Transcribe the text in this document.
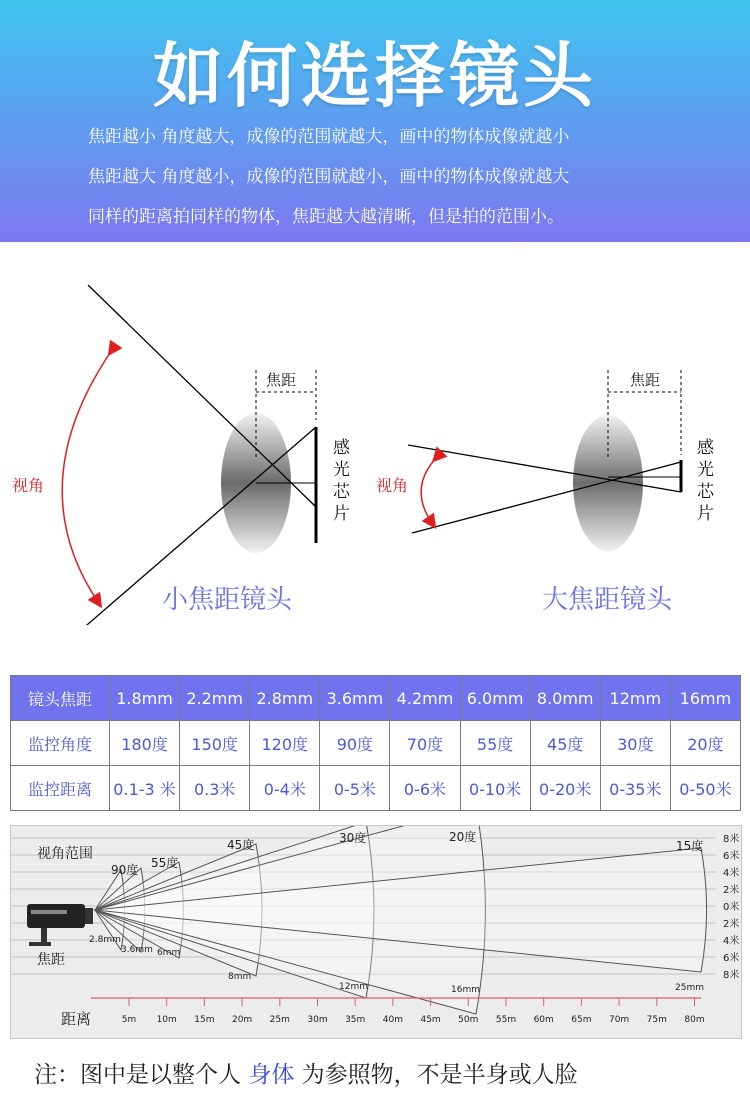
如何选择镜头
焦距越小 角度越大，成像的范围就越大，画中的物体成像就越小
焦距越大 角度越小，成像的范围就越小，画中的物体成像就越大
同样的距离拍同样的物体，焦距越大越清晰，但是拍的范围小。
焦距
感 光 芯 片
视角
小焦距镜头
焦距
感 光 芯 片
视角
大焦距镜头
镜头焦距	1.8mm	2.2mm	2.8mm	3.6mm	4.2mm	6.0mm	8.0mm	12mm	16mm
监控角度	180度	150度	120度	90度	70度	55度	45度	30度	20度
监控距离	0.1-3 米	0.3米	0-4米	0-5米	0-6米	0-10米	0-20米	0-35米	0-50米
视角范围
焦距
90度 55度
45度	30度	20度
15度
2.8mm
3.6mm 6mm
8mm
12mm	16mm	25mm
8米
6米
4米
2米
0米
2米
4米
6米
8米
5m 10m 15m 20m 25m 30m 35m 40m 45m 50m 55m 60m 65m 70m 75m 80m
距离
注：图中是以整个人 身体 为参照物，不是半身或人脸
